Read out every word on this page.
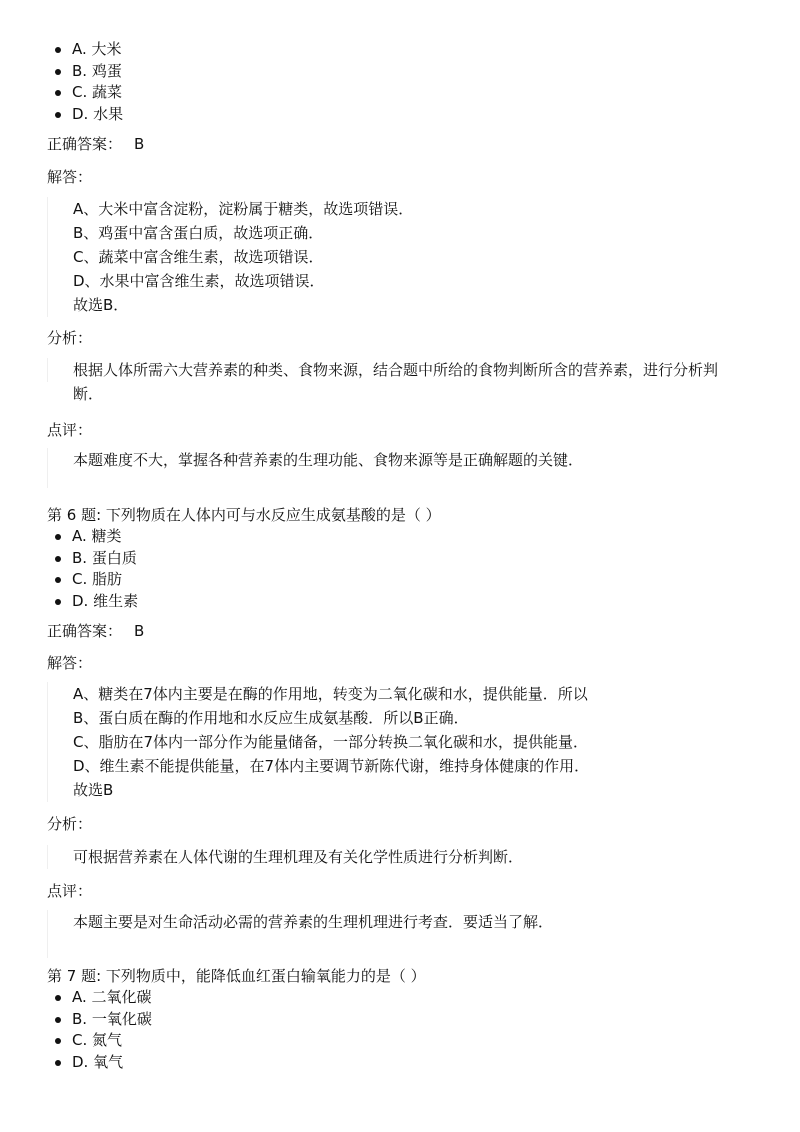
A. 大米
B. 鸡蛋
C. 蔬菜
D. 水果
正确答案： B
解答：
A、大米中富含淀粉，淀粉属于糖类，故选项错误．
B、鸡蛋中富含蛋白质，故选项正确．
C、蔬菜中富含维生素，故选项错误．
D、水果中富含维生素，故选项错误．
故选B．
分析：
根据人体所需六大营养素的种类、食物来源，结合题中所给的食物判断所含的营养素，进行分析判断．
点评：
本题难度不大，掌握各种营养素的生理功能、食物来源等是正确解题的关键．
第 6 题: 下列物质在人体内可与水反应生成氨基酸的是（ ）
A. 糖类
B. 蛋白质
C. 脂肪
D. 维生素
正确答案： B
解答：
A、糖类在7体内主要是在酶的作用地，转变为二氧化碳和水，提供能量．所以
B、蛋白质在酶的作用地和水反应生成氨基酸．所以B正确．
C、脂肪在7体内一部分作为能量储备，一部分转换二氧化碳和水，提供能量．
D、维生素不能提供能量，在7体内主要调节新陈代谢，维持身体健康的作用．
故选B
分析：
可根据营养素在人体代谢的生理机理及有关化学性质进行分析判断．
点评：
本题主要是对生命活动必需的营养素的生理机理进行考查．要适当了解．
第 7 题: 下列物质中，能降低血红蛋白输氧能力的是（ ）
A. 二氧化碳
B. 一氧化碳
C. 氮气
D. 氧气
